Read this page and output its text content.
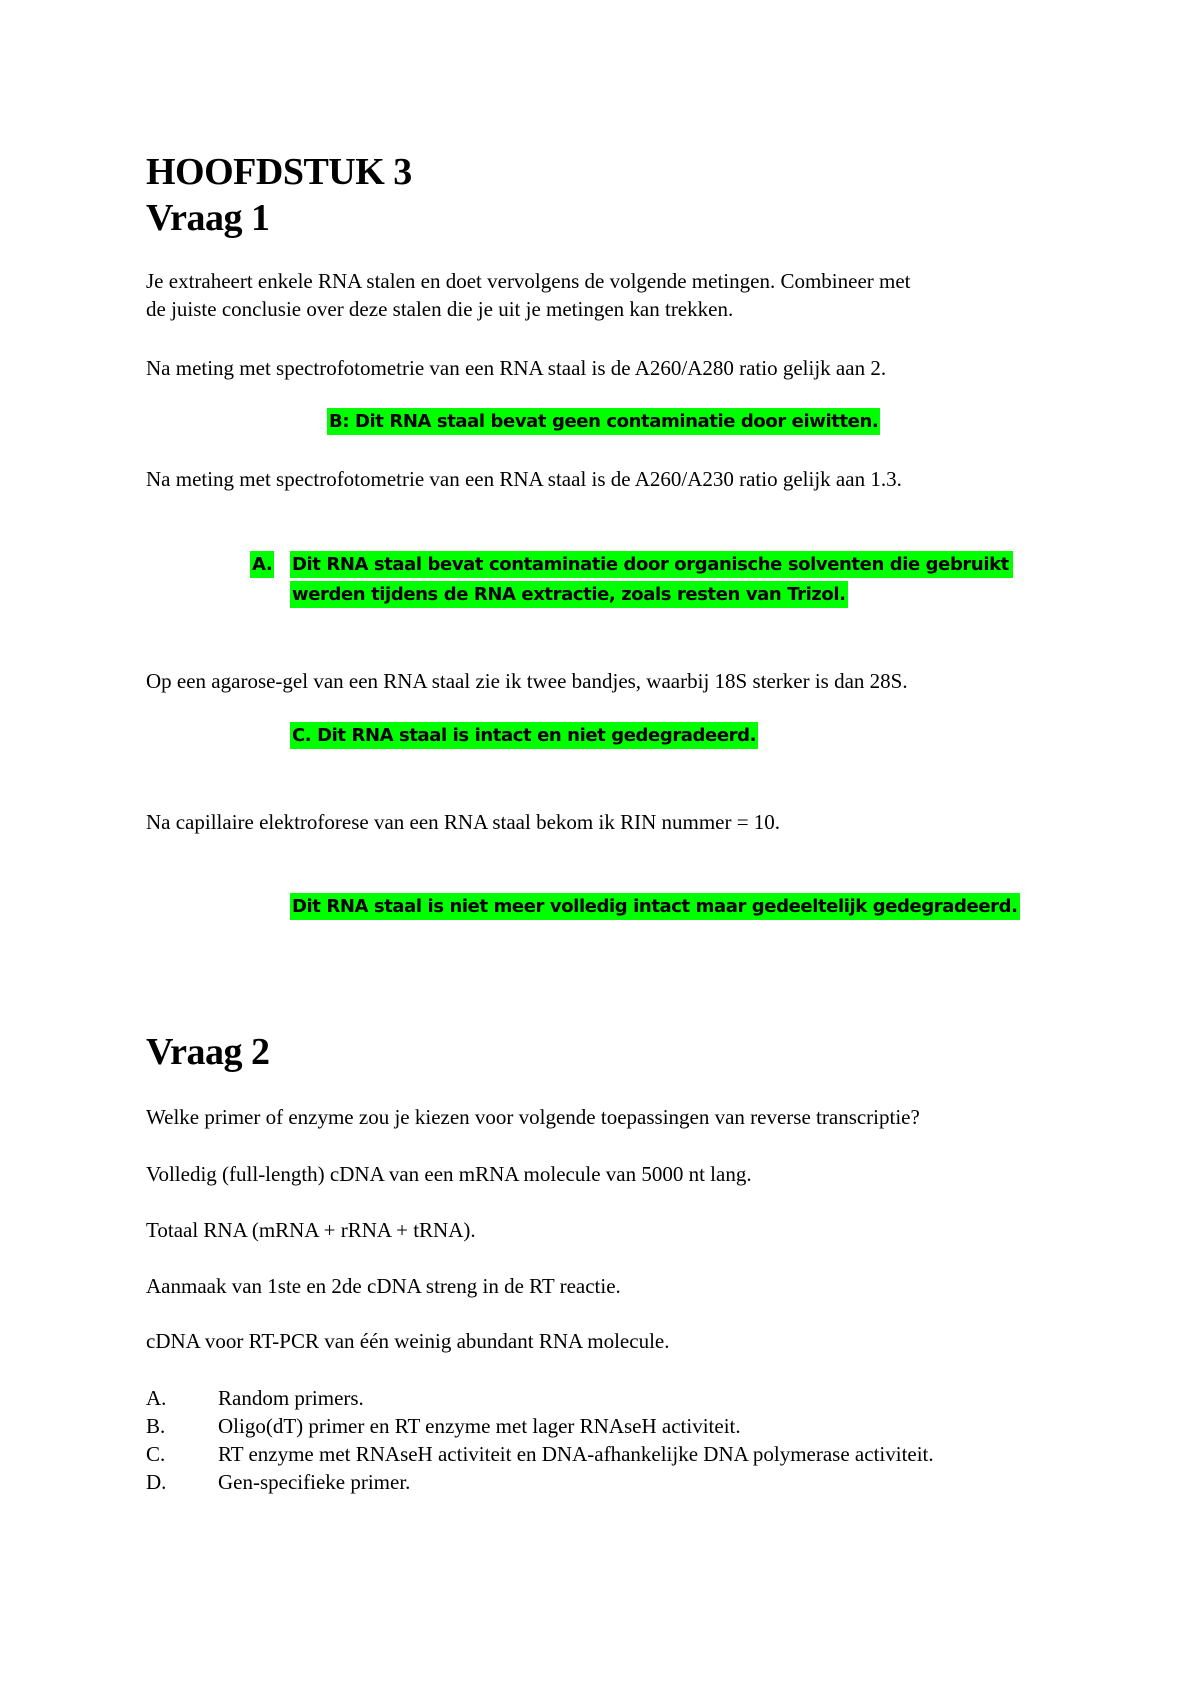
HOOFDSTUK 3
Vraag 1
Je extraheert enkele RNA stalen en doet vervolgens de volgende metingen. Combineer met
de juiste conclusie over deze stalen die je uit je metingen kan trekken.
Na meting met spectrofotometrie van een RNA staal is de A260/A280 ratio gelijk aan 2.
B: Dit RNA staal bevat geen contaminatie door eiwitten.
Na meting met spectrofotometrie van een RNA staal is de A260/A230 ratio gelijk aan 1.3.
A. Dit RNA staal bevat contaminatie door organische solventen die gebruikt
werden tijdens de RNA extractie, zoals resten van Trizol.
Op een agarose-gel van een RNA staal zie ik twee bandjes, waarbij 18S sterker is dan 28S.
C. Dit RNA staal is intact en niet gedegradeerd.
Na capillaire elektroforese van een RNA staal bekom ik RIN nummer = 10.
Dit RNA staal is niet meer volledig intact maar gedeeltelijk gedegradeerd.
Vraag 2
Welke primer of enzyme zou je kiezen voor volgende toepassingen van reverse transcriptie?
Volledig (full-length) cDNA van een mRNA molecule van 5000 nt lang.
Totaal RNA (mRNA + rRNA + tRNA).
Aanmaak van 1ste en 2de cDNA streng in de RT reactie.
cDNA voor RT-PCR van één weinig abundant RNA molecule.
A. Random primers.
B.	Oligo(dT) primer en RT enzyme met lager RNAseH activiteit.
C.	RT enzyme met RNAseH activiteit en DNA-afhankelijke DNA polymerase activiteit.
D. Gen-specifieke primer.
